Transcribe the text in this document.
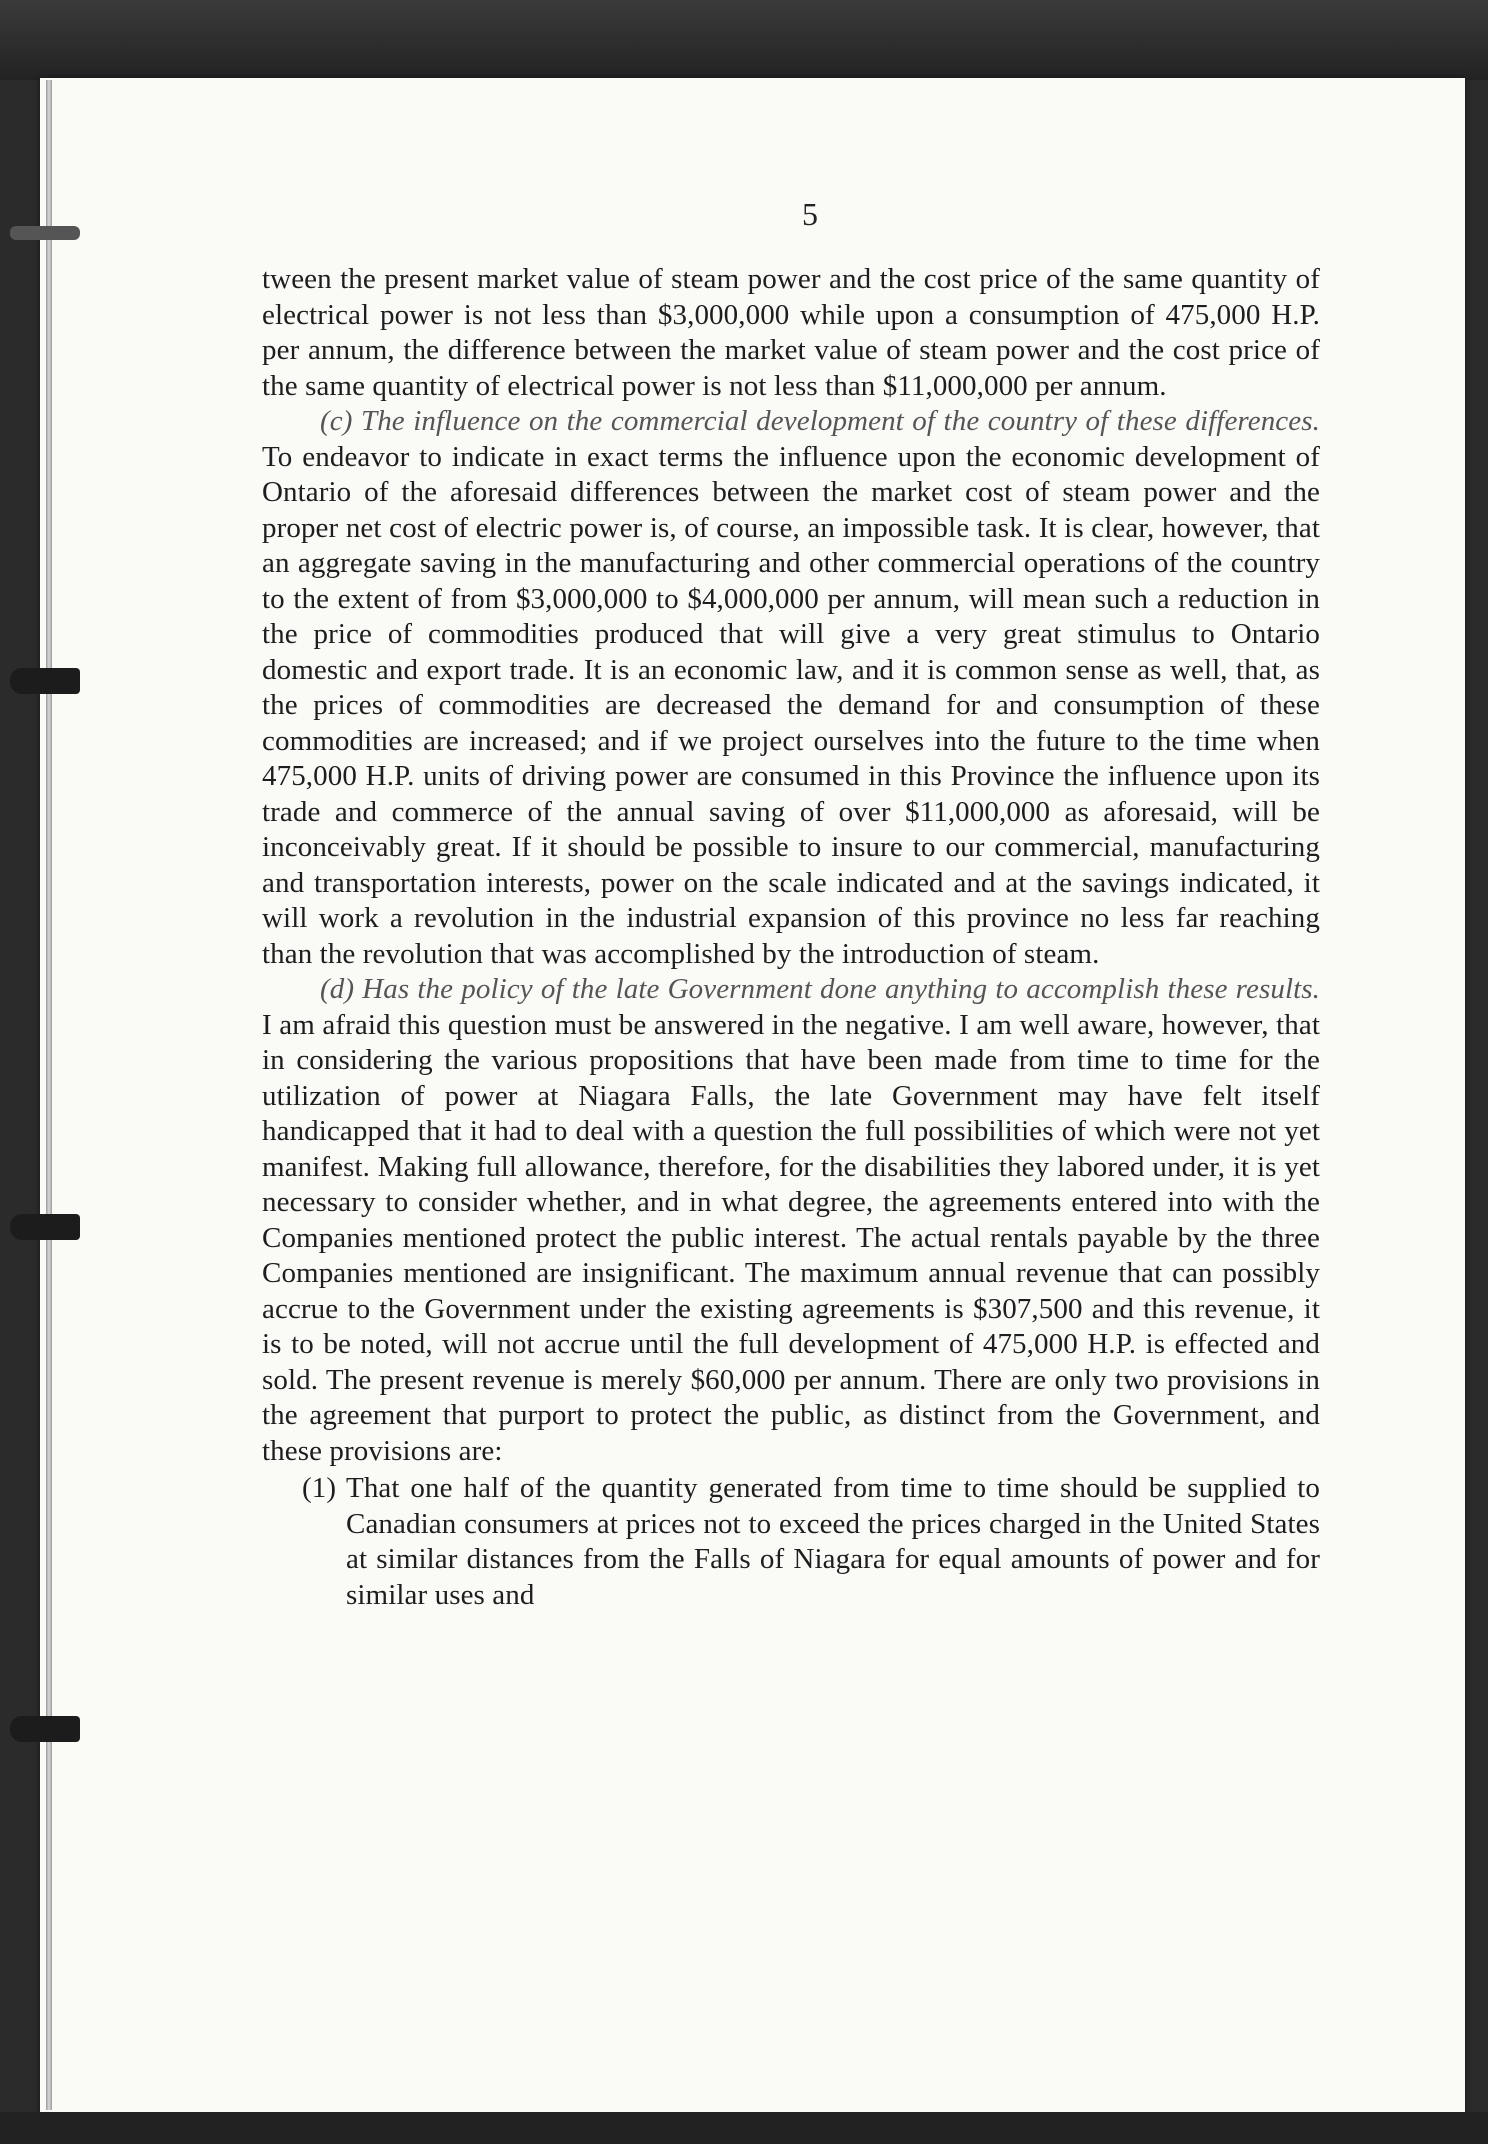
5

tween the present market value of steam power and the cost price of the same quantity of electrical power is not less than $3,000,000 while upon a consumption of 475,000 H.P. per annum, the difference between the market value of steam power and the cost price of the same quantity of electrical power is not less than $11,000,000 per annum.

(c) The influence on the commercial development of the country of these differences. To endeavor to indicate in exact terms the influence upon the economic development of Ontario of the aforesaid differences between the market cost of steam power and the proper net cost of electric power is, of course, an impossible task. It is clear, however, that an aggregate saving in the manufacturing and other commercial operations of the country to the extent of from $3,000,000 to $4,000,000 per annum, will mean such a reduction in the price of commodities produced that will give a very great stimulus to Ontario domestic and export trade. It is an economic law, and it is common sense as well, that, as the prices of commodities are decreased the demand for and consumption of these commodities are increased; and if we project ourselves into the future to the time when 475,000 H.P. units of driving power are consumed in this Province the influence upon its trade and commerce of the annual saving of over $11,000,000 as aforesaid, will be inconceivably great. If it should be possible to insure to our commercial, manufacturing and transportation interests, power on the scale indicated and at the savings indicated, it will work a revolution in the industrial expansion of this province no less far reaching than the revolution that was accomplished by the introduction of steam.

(d) Has the policy of the late Government done anything to accomplish these results. I am afraid this question must be answered in the negative. I am well aware, however, that in considering the various propositions that have been made from time to time for the utilization of power at Niagara Falls, the late Government may have felt itself handicapped that it had to deal with a question the full possibilities of which were not yet manifest. Making full allowance, therefore, for the disabilities they labored under, it is yet necessary to consider whether, and in what degree, the agreements entered into with the Companies mentioned protect the public interest. The actual rentals payable by the three Companies mentioned are insignificant. The maximum annual revenue that can possibly accrue to the Government under the existing agreements is $307,500 and this revenue, it is to be noted, will not accrue until the full development of 475,000 H.P. is effected and sold. The present revenue is merely $60,000 per annum. There are only two provisions in the agreement that purport to protect the public, as distinct from the Government, and these provisions are:

(1) That one half of the quantity generated from time to time should be supplied to Canadian consumers at prices not to exceed the prices charged in the United States at similar distances from the Falls of Niagara for equal amounts of power and for similar uses and
